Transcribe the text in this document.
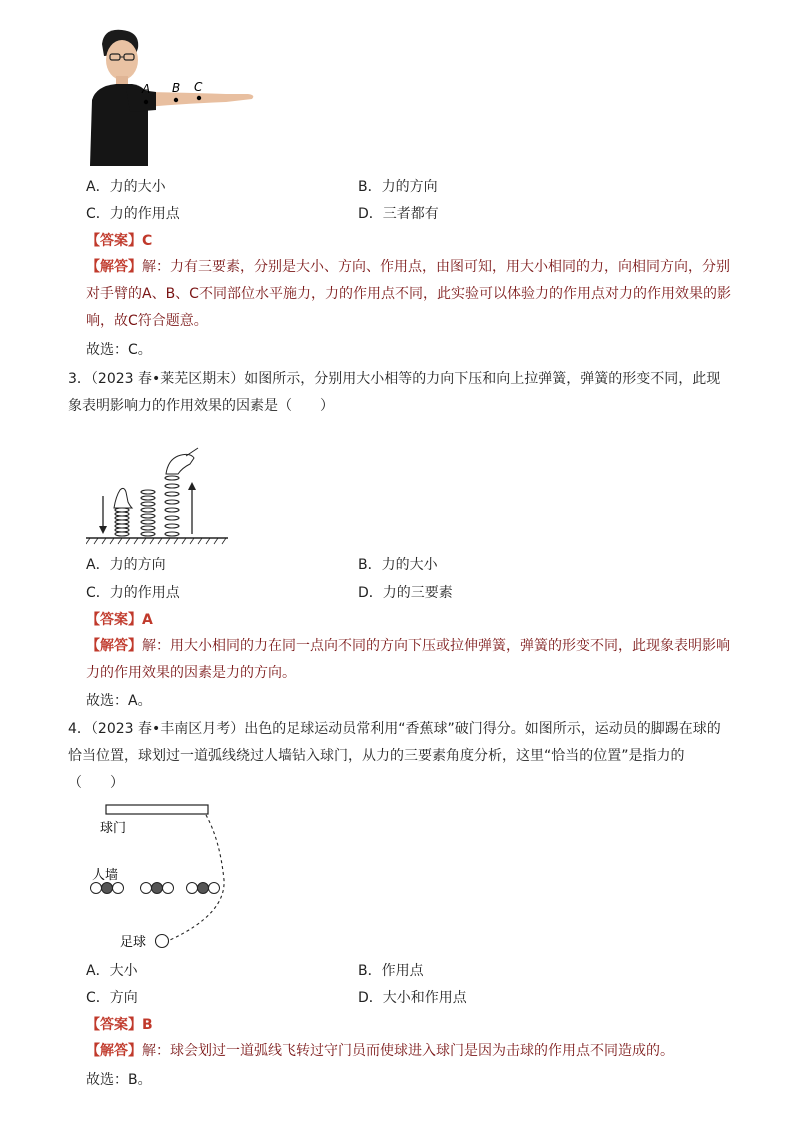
A B C
A．力的大小	B．力的方向
C．力的作用点	D．三者都有
【答案】C
【解答】解：力有三要素，分别是大小、方向、作用点，由图可知，用大小相同的力，向相同方向，分别对手臂的A、B、C不同部位水平施力，力的作用点不同，此实验可以体验力的作用点对力的作用效果的影响，故C符合题意。
故选：C。
3．（2023 春•莱芜区期末）如图所示，分别用大小相等的力向下压和向上拉弹簧，弹簧的形变不同，此现象表明影响力的作用效果的因素是（　　）
A．力的方向	B．力的大小
C．力的作用点	D．力的三要素
【答案】A
【解答】解：用大小相同的力在同一点向不同的方向下压或拉伸弹簧，弹簧的形变不同，此现象表明影响力的作用效果的因素是力的方向。
故选：A。
4．（2023 春•丰南区月考）出色的足球运动员常利用“香蕉球”破门得分。如图所示，运动员的脚踢在球的恰当位置，球划过一道弧线绕过人墙钻入球门，从力的三要素角度分析，这里“恰当的位置”是指力的（　　）
球门
人墙
足球
A．大小	B．作用点
C．方向	D．大小和作用点
【答案】B
【解答】解：球会划过一道弧线飞转过守门员而使球进入球门是因为击球的作用点不同造成的。
故选：B。
